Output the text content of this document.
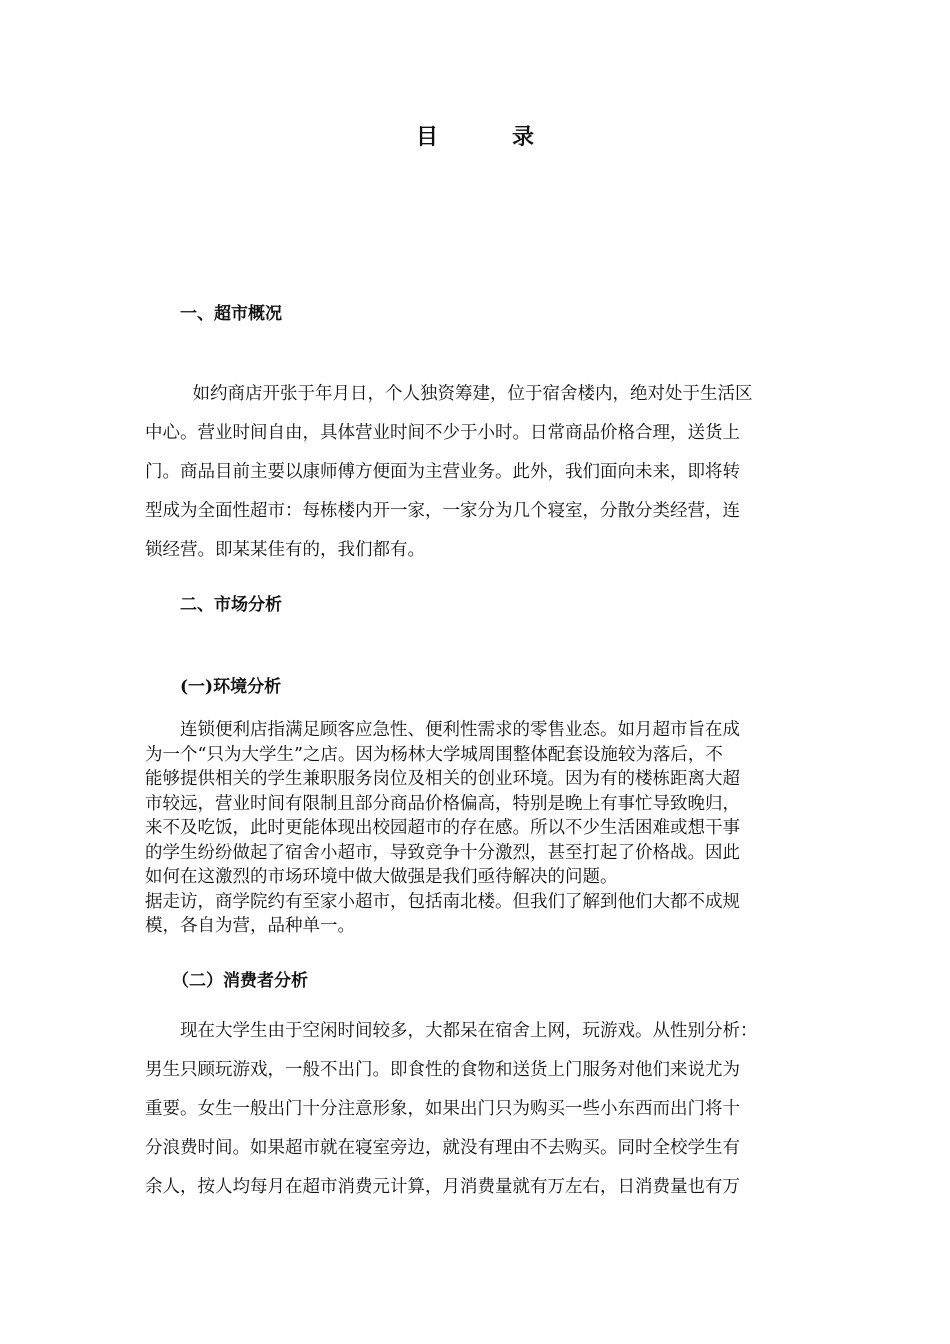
目　录
一、超市概况
　如约商店开张于年月日，个人独资筹建，位于宿舍楼内，绝对处于生活区
中心。营业时间自由，具体营业时间不少于小时。日常商品价格合理，送货上
门。商品目前主要以康师傅方便面为主营业务。此外，我们面向未来，即将转
型成为全面性超市：每栋楼内开一家，一家分为几个寝室，分散分类经营，连
锁经营。即某某佳有的，我们都有。
二、市场分析
(一)环境分析
　　连锁便利店指满足顾客应急性、便利性需求的零售业态。如月超市旨在成
为一个“只为大学生”之店。因为杨林大学城周围整体配套设施较为落后，不
能够提供相关的学生兼职服务岗位及相关的创业环境。因为有的楼栋距离大超
市较远，营业时间有限制且部分商品价格偏高，特别是晚上有事忙导致晚归，
来不及吃饭，此时更能体现出校园超市的存在感。所以不少生活困难或想干事
的学生纷纷做起了宿舍小超市，导致竞争十分激烈，甚至打起了价格战。因此
如何在这激烈的市场环境中做大做强是我们亟待解决的问题。
据走访，商学院约有至家小超市，包括南北楼。但我们了解到他们大都不成规
模，各自为营，品种单一。
（二）消费者分析
　　现在大学生由于空闲时间较多，大都呆在宿舍上网，玩游戏。从性别分析：
男生只顾玩游戏，一般不出门。即食性的食物和送货上门服务对他们来说尤为
重要。女生一般出门十分注意形象，如果出门只为购买一些小东西而出门将十
分浪费时间。如果超市就在寝室旁边，就没有理由不去购买。同时全校学生有
余人，按人均每月在超市消费元计算，月消费量就有万左右，日消费量也有万
